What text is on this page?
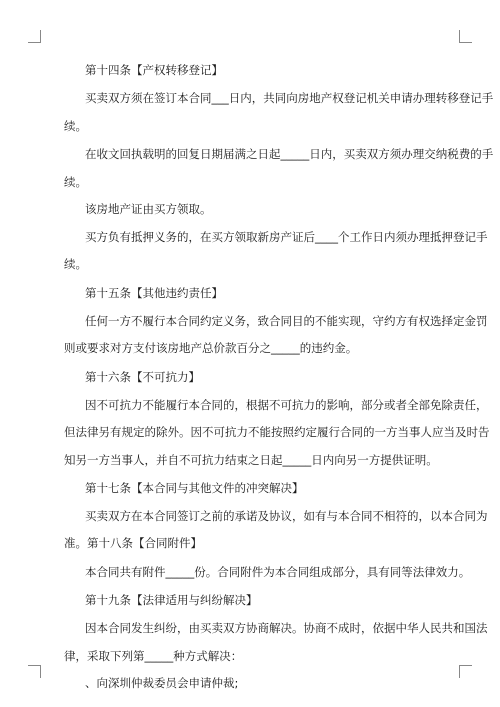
第十四条【产权转移登记】
买卖双方须在签订本合同___日内，共同向房地产权登记机关申请办理转移登记手
续。
在收文回执载明的回复日期届满之日起_____日内，买卖双方须办理交纳税费的手
续。
该房地产证由买方领取。
买方负有抵押义务的，在买方领取新房产证后____个工作日内须办理抵押登记手
续。
第十五条【其他违约责任】
任何一方不履行本合同约定义务，致合同目的不能实现，守约方有权选择定金罚
则或要求对方支付该房地产总价款百分之_____的违约金。
第十六条【不可抗力】
因不可抗力不能履行本合同的，根据不可抗力的影响，部分或者全部免除责任，
但法律另有规定的除外。因不可抗力不能按照约定履行合同的一方当事人应当及时告
知另一方当事人，并自不可抗力结束之日起_____日内向另一方提供证明。
第十七条【本合同与其他文件的冲突解决】
买卖双方在本合同签订之前的承诺及协议，如有与本合同不相符的，以本合同为
准。第十八条【合同附件】
本合同共有附件_____份。合同附件为本合同组成部分，具有同等法律效力。
第十九条【法律适用与纠纷解决】
因本合同发生纠纷，由买卖双方协商解决。协商不成时，依据中华人民共和国法
律，采取下列第_____种方式解决：
、向深圳仲裁委员会申请仲裁;
